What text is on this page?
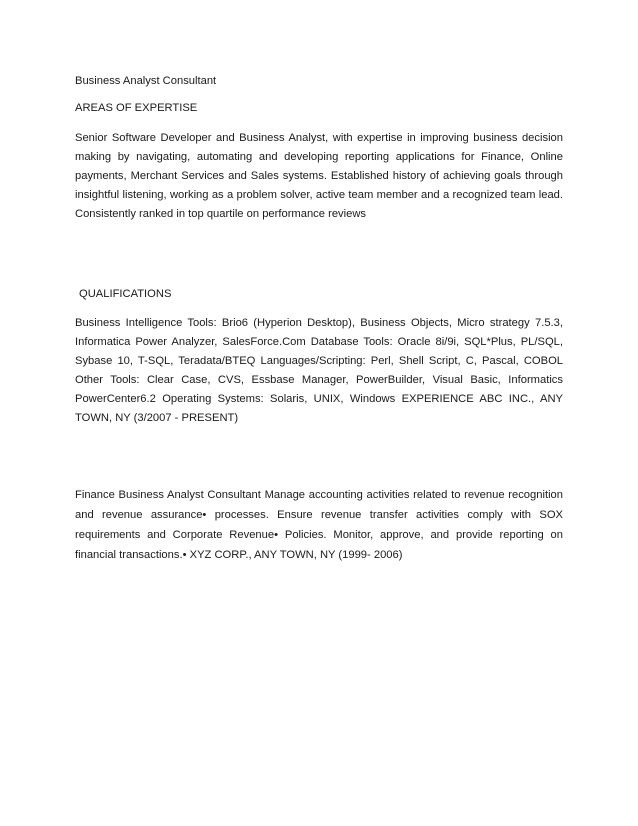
Business Analyst Consultant
AREAS OF EXPERTISE
Senior Software Developer and Business Analyst, with expertise in improving business decision making by navigating, automating and developing reporting applications for Finance, Online payments, Merchant Services and Sales systems. Established history of achieving goals through insightful listening, working as a problem solver, active team member and a recognized team lead. Consistently ranked in top quartile on performance reviews
QUALIFICATIONS
Business Intelligence Tools: Brio6 (Hyperion Desktop), Business Objects, Micro strategy 7.5.3, Informatica Power Analyzer, SalesForce.Com Database Tools: Oracle 8i/9i, SQL*Plus, PL/SQL, Sybase 10, T-SQL, Teradata/BTEQ Languages/Scripting: Perl, Shell Script, C, Pascal, COBOL Other Tools: Clear Case, CVS, Essbase Manager, PowerBuilder, Visual Basic, Informatics PowerCenter6.2 Operating Systems: Solaris, UNIX, Windows EXPERIENCE ABC INC., ANY TOWN, NY (3/2007 - PRESENT)
Finance Business Analyst Consultant Manage accounting activities related to revenue recognition and revenue assurance• processes. Ensure revenue transfer activities comply with SOX requirements and Corporate Revenue• Policies. Monitor, approve, and provide reporting on financial transactions.• XYZ CORP., ANY TOWN, NY (1999- 2006)
